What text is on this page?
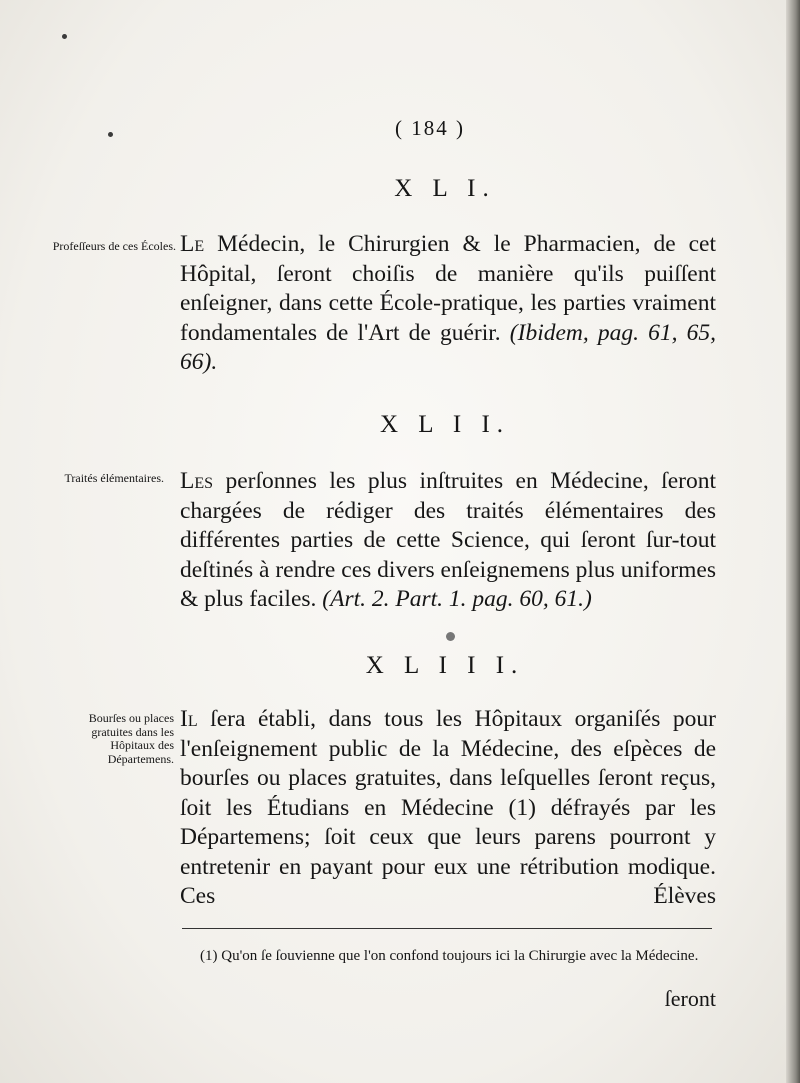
( 184 )
X L I.
Profeſſeurs de ces Écoles. Le Médecin, le Chirurgien & le Pharmacien, de cet Hôpital, ſeront choiſis de manière qu'ils puiſſent enſeigner, dans cette École-pratique, les parties vraiment fondamentales de l'Art de guérir. (Ibidem, pag. 61, 65, 66).
X L I I.
Traités élémentaires. Les perſonnes les plus inſtruites en Médecine, ſeront chargées de rédiger des traités élémentaires des différentes parties de cette Science, qui ſeront ſur-tout deſtinés à rendre ces divers enſeignemens plus uniformes & plus faciles. (Art. 2. Part. 1. pag. 60, 61.)
X L I I I.
Bourſes ou places gratuites dans les Hôpitaux des Départemens.
Il ſera établi, dans tous les Hôpitaux organiſés pour l'enſeignement public de la Médecine, des eſpèces de bourſes ou places gratuites, dans leſquelles ſeront reçus, ſoit les Étudians en Médecine (1) défrayés par les Départemens; ſoit ceux que leurs parens pourront y entretenir en payant pour eux une rétribution modique. Ces Élèves
(1) Qu'on ſe ſouvienne que l'on confond toujours ici la Chirurgie avec la Médecine.
ſeront
